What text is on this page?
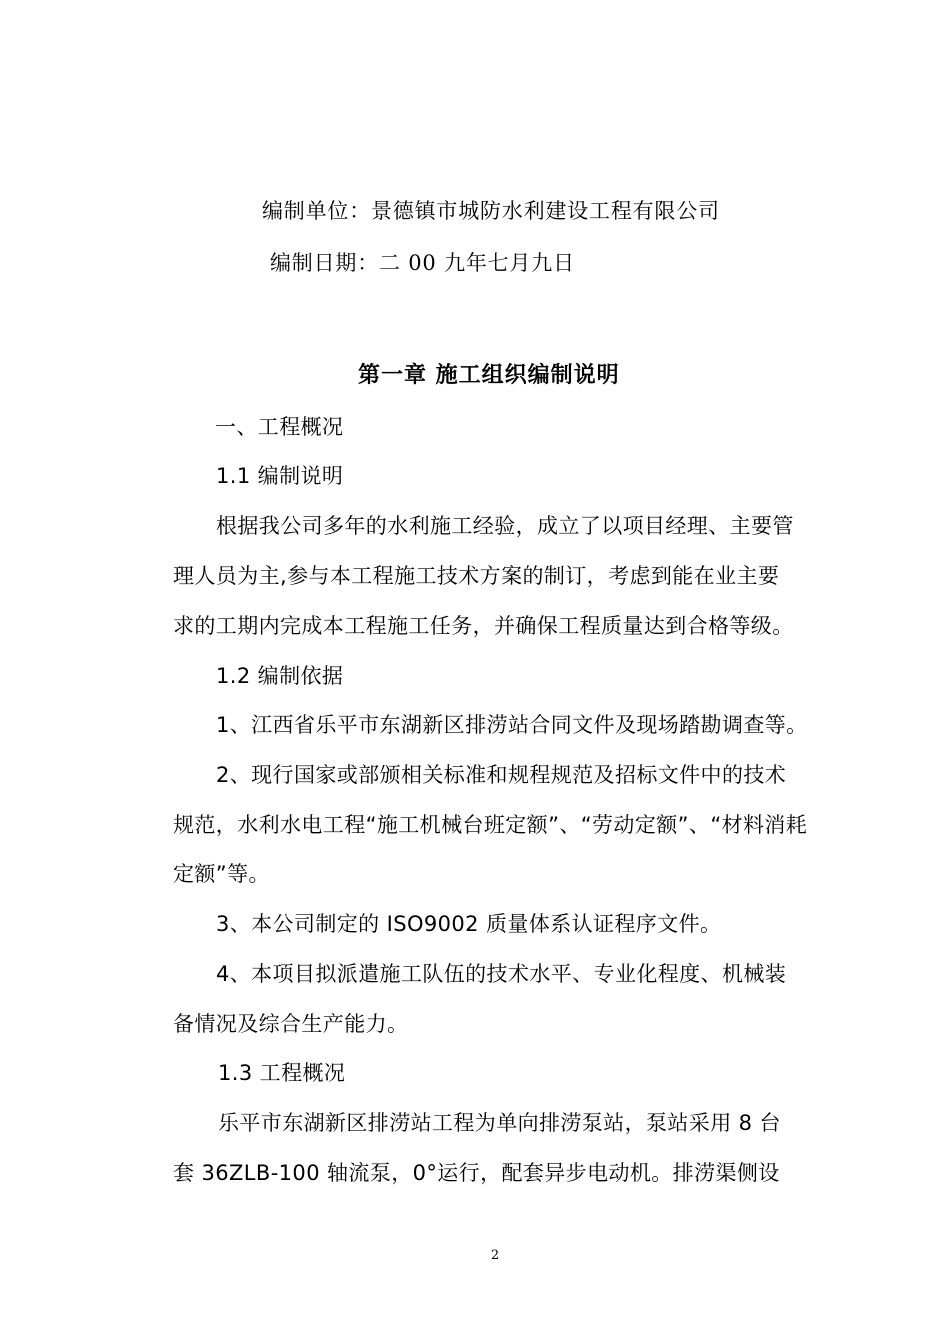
编制单位：景德镇市城防水利建设工程有限公司
编制日期：二 00 九年七月九日
第一章 施工组织编制说明
一、工程概况
1.1 编制说明
根据我公司多年的水利施工经验，成立了以项目经理、主要管
理人员为主,参与本工程施工技术方案的制订，考虑到能在业主要
求的工期内完成本工程施工任务，并确保工程质量达到合格等级。
1.2 编制依据
1、江西省乐平市东湖新区排涝站合同文件及现场踏勘调查等。
2、现行国家或部颁相关标准和规程规范及招标文件中的技术
规范，水利水电工程“施工机械台班定额”、“劳动定额”、“材料消耗
定额”等。
3、本公司制定的 ISO9002 质量体系认证程序文件。
4、本项目拟派遣施工队伍的技术水平、专业化程度、机械装
备情况及综合生产能力。
1.3 工程概况
乐平市东湖新区排涝站工程为单向排涝泵站，泵站采用 8 台
套 36ZLB-100 轴流泵，0°运行，配套异步电动机。排涝渠侧设
2
